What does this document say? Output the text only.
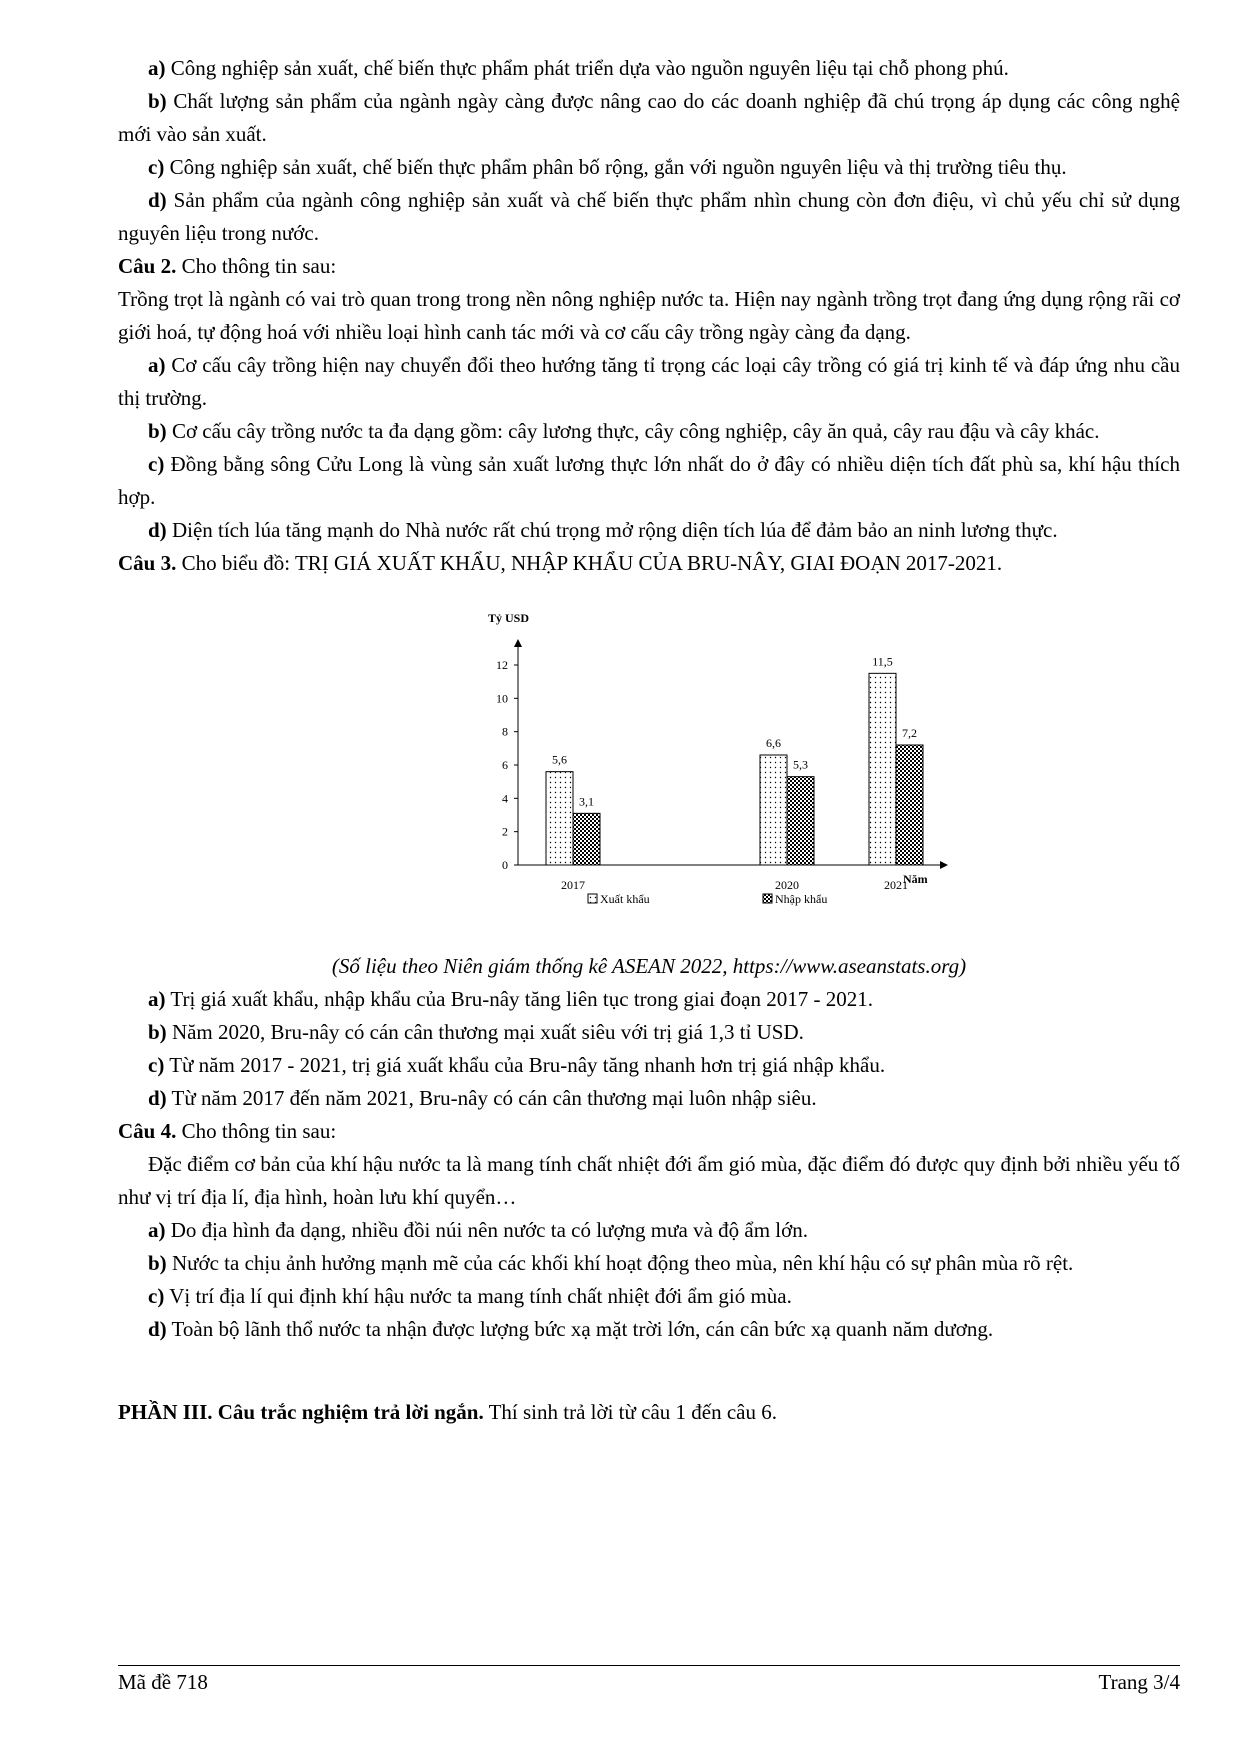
a) Công nghiệp sản xuất, chế biến thực phẩm phát triển dựa vào nguồn nguyên liệu tại chỗ phong phú.

b) Chất lượng sản phẩm của ngành ngày càng được nâng cao do các doanh nghiệp đã chú trọng áp dụng các công nghệ mới vào sản xuất.

c) Công nghiệp sản xuất, chế biến thực phẩm phân bố rộng, gắn với nguồn nguyên liệu và thị trường tiêu thụ.

d) Sản phẩm của ngành công nghiệp sản xuất và chế biến thực phẩm nhìn chung còn đơn điệu, vì chủ yếu chỉ sử dụng nguyên liệu trong nước.

Câu 2. Cho thông tin sau:

Trồng trọt là ngành có vai trò quan trong trong nền nông nghiệp nước ta. Hiện nay ngành trồng trọt đang ứng dụng rộng rãi cơ giới hoá, tự động hoá với nhiều loại hình canh tác mới và cơ cấu cây trồng ngày càng đa dạng.

a) Cơ cấu cây trồng hiện nay chuyển đổi theo hướng tăng tỉ trọng các loại cây trồng có giá trị kinh tế và đáp ứng nhu cầu thị trường.

b) Cơ cấu cây trồng nước ta đa dạng gồm: cây lương thực, cây công nghiệp, cây ăn quả, cây rau đậu và cây khác.

c) Đồng bằng sông Cửu Long là vùng sản xuất lương thực lớn nhất do ở đây có nhiều diện tích đất phù sa, khí hậu thích hợp.

d) Diện tích lúa tăng mạnh do Nhà nước rất chú trọng mở rộng diện tích lúa để đảm bảo an ninh lương thực.

Câu 3. Cho biểu đồ: TRỊ GIÁ XUẤT KHẨU, NHẬP KHẨU CỦA BRU-NÂY, GIAI ĐOẠN 2017-2021.

0
2
4
6
8
10
12
Tỷ USD
Năm
5,6
3,1
2017
6,6
5,3
2020
11,5
7,2
2021
Xuất khẩu	Nhập khẩu

(Số liệu theo Niên giám thống kê ASEAN 2022, https://www.aseanstats.org)

a) Trị giá xuất khẩu, nhập khẩu của Bru-nây tăng liên tục trong giai đoạn 2017 - 2021.

b) Năm 2020, Bru-nây có cán cân thương mại xuất siêu với trị giá 1,3 tỉ USD.

c) Từ năm 2017 - 2021, trị giá xuất khẩu của Bru-nây tăng nhanh hơn trị giá nhập khẩu.

d) Từ năm 2017 đến năm 2021, Bru-nây có cán cân thương mại luôn nhập siêu.

Câu 4. Cho thông tin sau:

Đặc điểm cơ bản của khí hậu nước ta là mang tính chất nhiệt đới ẩm gió mùa, đặc điểm đó được quy định bởi nhiều yếu tố như vị trí địa lí, địa hình, hoàn lưu khí quyển…

a) Do địa hình đa dạng, nhiều đồi núi nên nước ta có lượng mưa và độ ẩm lớn.

b) Nước ta chịu ảnh hưởng mạnh mẽ của các khối khí hoạt động theo mùa, nên khí hậu có sự phân mùa rõ rệt.

c) Vị trí địa lí qui định khí hậu nước ta mang tính chất nhiệt đới ẩm gió mùa.

d) Toàn bộ lãnh thổ nước ta nhận được lượng bức xạ mặt trời lớn, cán cân bức xạ quanh năm dương.

PHẦN III. Câu trắc nghiệm trả lời ngắn. Thí sinh trả lời từ câu 1 đến câu 6.

Mã đề 718	Trang 3/4
